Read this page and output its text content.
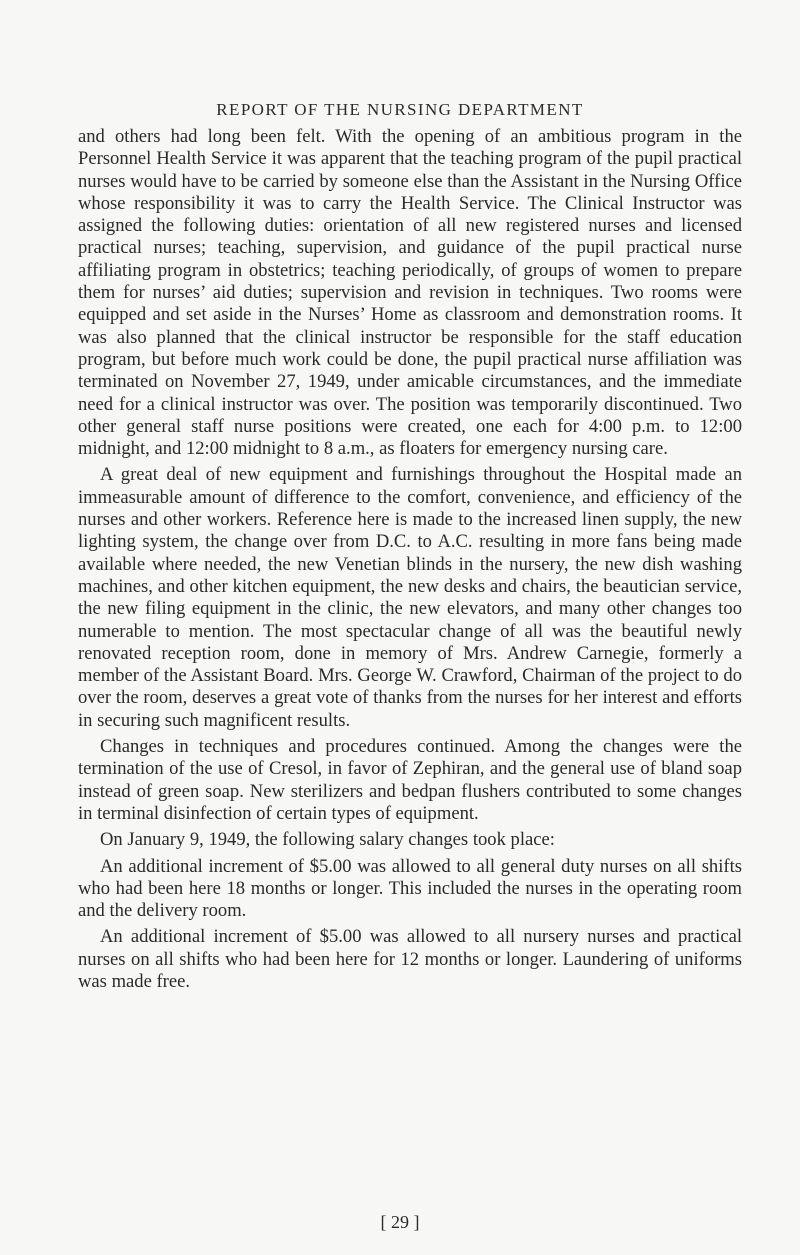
REPORT OF THE NURSING DEPARTMENT

and others had long been felt. With the opening of an ambitious program in the Personnel Health Service it was apparent that the teaching program of the pupil practical nurses would have to be carried by someone else than the Assistant in the Nursing Office whose responsibility it was to carry the Health Service. The Clinical Instructor was assigned the following duties: orientation of all new registered nurses and licensed practical nurses; teaching, supervision, and guidance of the pupil practical nurse affiliating program in obstetrics; teaching periodically, of groups of women to prepare them for nurses’ aid duties; supervision and revision in techniques. Two rooms were equipped and set aside in the Nurses’ Home as classroom and demonstration rooms. It was also planned that the clinical instructor be responsible for the staff education program, but before much work could be done, the pupil practical nurse affiliation was terminated on November 27, 1949, under amicable circumstances, and the immediate need for a clinical instructor was over. The position was temporarily discontinued. Two other general staff nurse positions were created, one each for 4:00 p.m. to 12:00 midnight, and 12:00 midnight to 8 a.m., as floaters for emergency nursing care.

A great deal of new equipment and furnishings throughout the Hospital made an immeasurable amount of difference to the comfort, convenience, and efficiency of the nurses and other workers. Reference here is made to the increased linen supply, the new lighting system, the change over from D.C. to A.C. resulting in more fans being made available where needed, the new Venetian blinds in the nursery, the new dish washing machines, and other kitchen equipment, the new desks and chairs, the beautician service, the new filing equipment in the clinic, the new elevators, and many other changes too numerable to mention. The most spectacular change of all was the beautiful newly renovated reception room, done in memory of Mrs. Andrew Carnegie, formerly a member of the Assistant Board. Mrs. George W. Crawford, Chairman of the project to do over the room, deserves a great vote of thanks from the nurses for her interest and efforts in securing such magnificent results.

Changes in techniques and procedures continued. Among the changes were the termination of the use of Cresol, in favor of Zephiran, and the general use of bland soap instead of green soap. New sterilizers and bedpan flushers contributed to some changes in terminal disinfection of certain types of equipment.

On January 9, 1949, the following salary changes took place:

An additional increment of $5.00 was allowed to all general duty nurses on all shifts who had been here 18 months or longer. This included the nurses in the operating room and the delivery room.

An additional increment of $5.00 was allowed to all nursery nurses and practical nurses on all shifts who had been here for 12 months or longer. Laundering of uniforms was made free.

[ 29 ]
